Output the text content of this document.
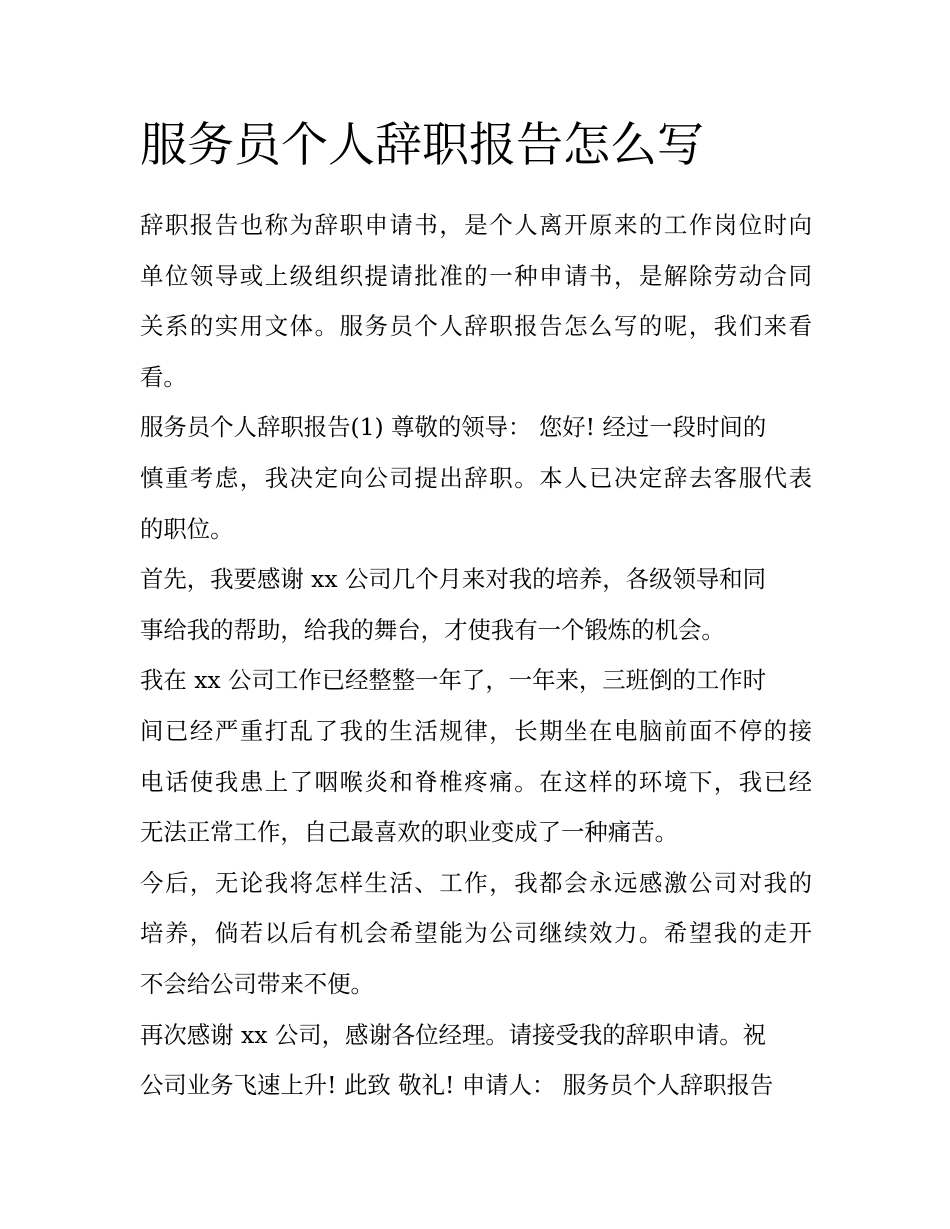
服务员个人辞职报告怎么写
辞职报告也称为辞职申请书，是个人离开原来的工作岗位时向
单位领导或上级组织提请批准的一种申请书，是解除劳动合同
关系的实用文体。服务员个人辞职报告怎么写的呢，我们来看
看。
服务员个人辞职报告(1) 尊敬的领导： 您好! 经过一段时间的
慎重考虑，我决定向公司提出辞职。本人已决定辞去客服代表
的职位。
首先，我要感谢 xx 公司几个月来对我的培养，各级领导和同
事给我的帮助，给我的舞台，才使我有一个锻炼的机会。
我在 xx 公司工作已经整整一年了，一年来，三班倒的工作时
间已经严重打乱了我的生活规律，长期坐在电脑前面不停的接
电话使我患上了咽喉炎和脊椎疼痛。在这样的环境下，我已经
无法正常工作，自己最喜欢的职业变成了一种痛苦。
今后，无论我将怎样生活、工作，我都会永远感激公司对我的
培养，倘若以后有机会希望能为公司继续效力。希望我的走开
不会给公司带来不便。
再次感谢 xx 公司，感谢各位经理。请接受我的辞职申请。祝
公司业务飞速上升! 此致 敬礼! 申请人： 服务员个人辞职报告
